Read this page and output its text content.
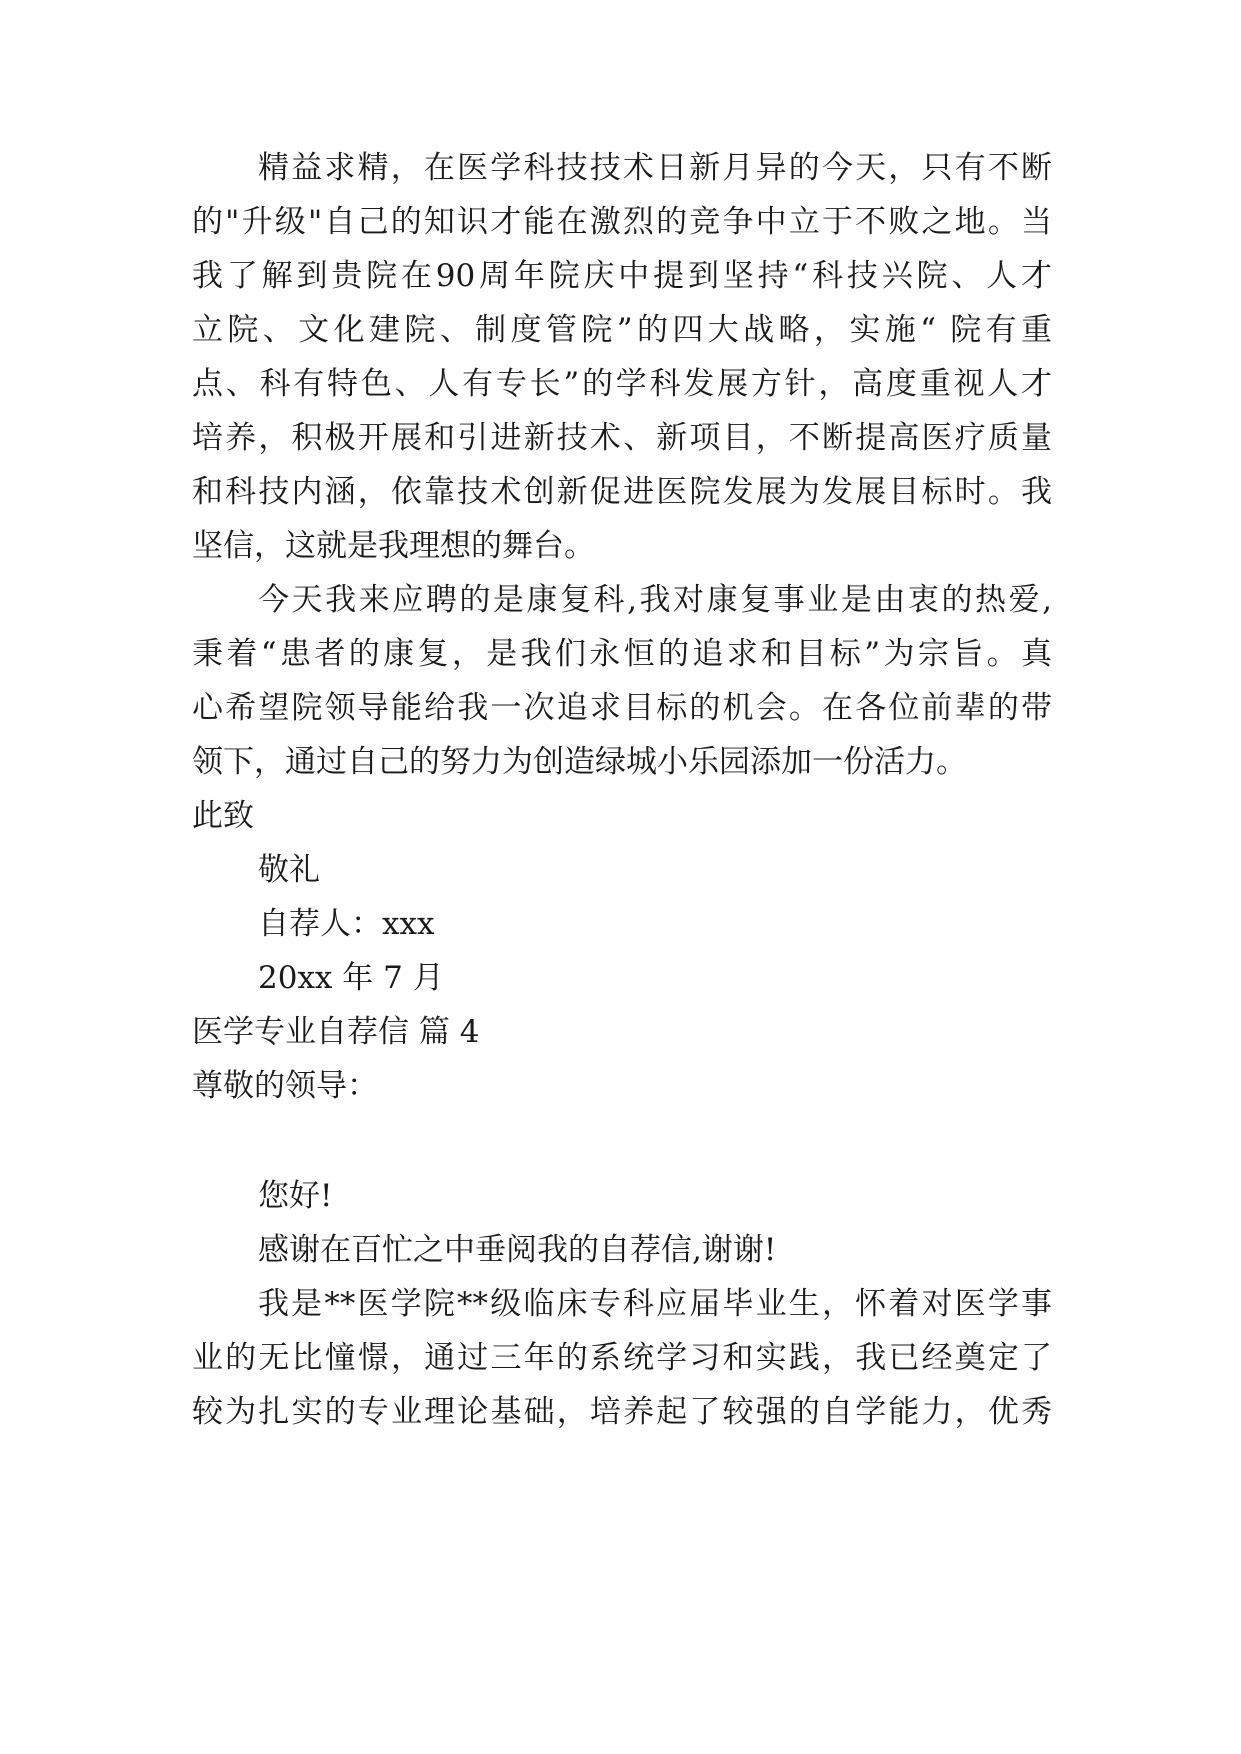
精益求精，在医学科技技术日新月异的今天，只有不断
的"升级"自己的知识才能在激烈的竞争中立于不败之地。当
我了解到贵院在90周年院庆中提到坚持“科技兴院、人才
立院、文化建院、制度管院”的四大战略，实施“ 院有重
点、科有特色、人有专长”的学科发展方针，高度重视人才
培养，积极开展和引进新技术、新项目，不断提高医疗质量
和科技内涵，依靠技术创新促进医院发展为发展目标时。我
坚信，这就是我理想的舞台。
今天我来应聘的是康复科,我对康复事业是由衷的热爱,
秉着“患者的康复，是我们永恒的追求和目标”为宗旨。真
心希望院领导能给我一次追求目标的机会。在各位前辈的带
领下，通过自己的努力为创造绿城小乐园添加一份活力。
此致
敬礼
自荐人：xxx
20xx 年 7 月
医学专业自荐信 篇 4
尊敬的领导：
您好!
感谢在百忙之中垂阅我的自荐信,谢谢!
我是**医学院**级临床专科应届毕业生，怀着对医学事
业的无比憧憬，通过三年的系统学习和实践，我已经奠定了
较为扎实的专业理论基础，培养起了较强的自学能力，优秀
